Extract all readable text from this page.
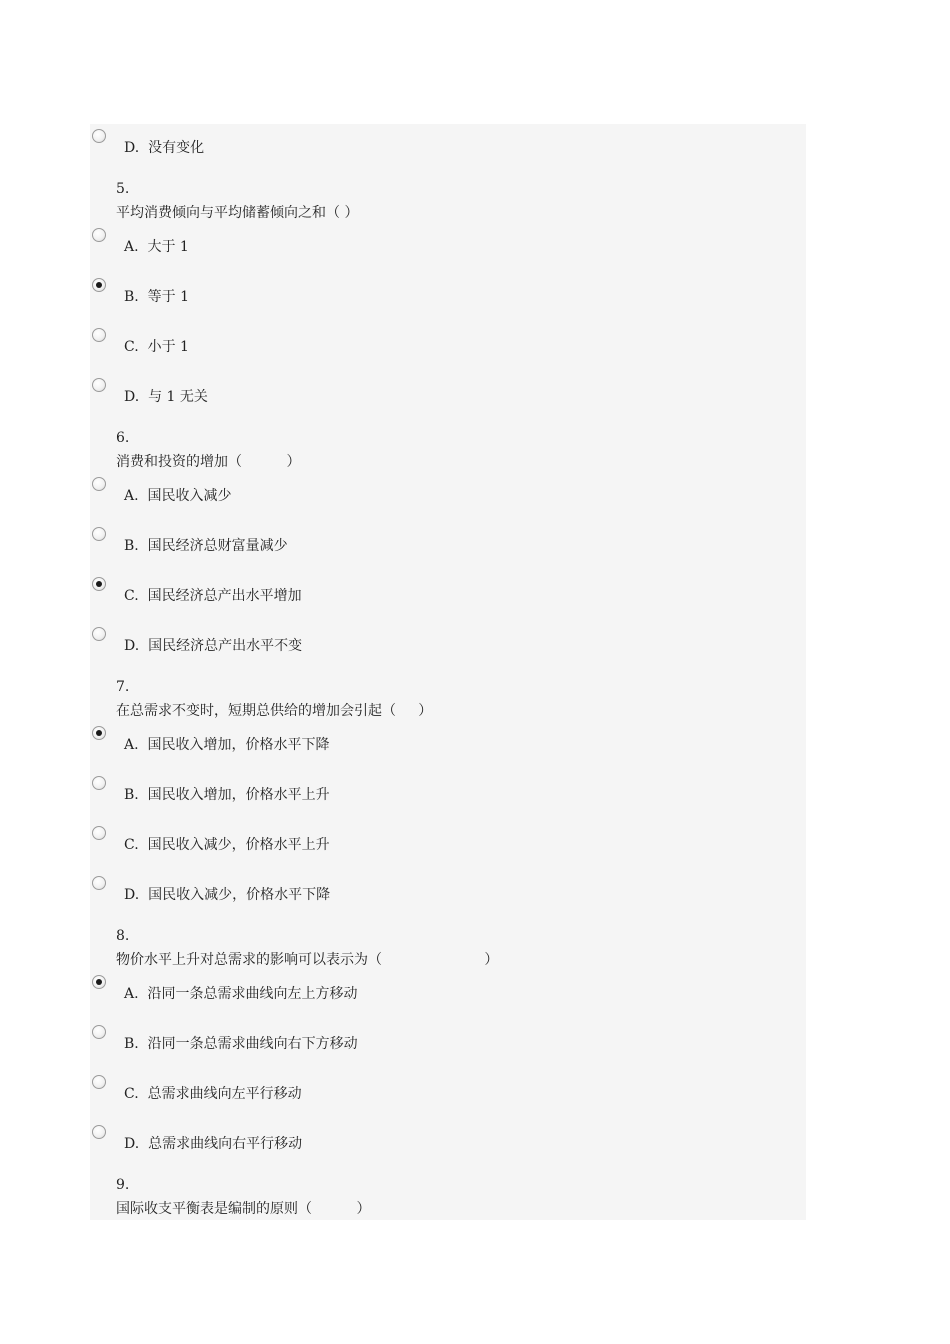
D. 没有变化
5.
平均消费倾向与平均储蓄倾向之和（ ）
A. 大于 1
B. 等于 1
C. 小于 1
D. 与 1 无关
6.
消费和投资的增加（          ）
A. 国民收入减少
B. 国民经济总财富量减少
C. 国民经济总产出水平增加
D. 国民经济总产出水平不变
7.
在总需求不变时，短期总供给的增加会引起（     ）
A. 国民收入增加，价格水平下降
B. 国民收入增加，价格水平上升
C. 国民收入减少，价格水平上升
D. 国民收入减少，价格水平下降
8.
物价水平上升对总需求的影响可以表示为（                       ）
A. 沿同一条总需求曲线向左上方移动
B. 沿同一条总需求曲线向右下方移动
C. 总需求曲线向左平行移动
D. 总需求曲线向右平行移动
9.
国际收支平衡表是编制的原则（          ）
